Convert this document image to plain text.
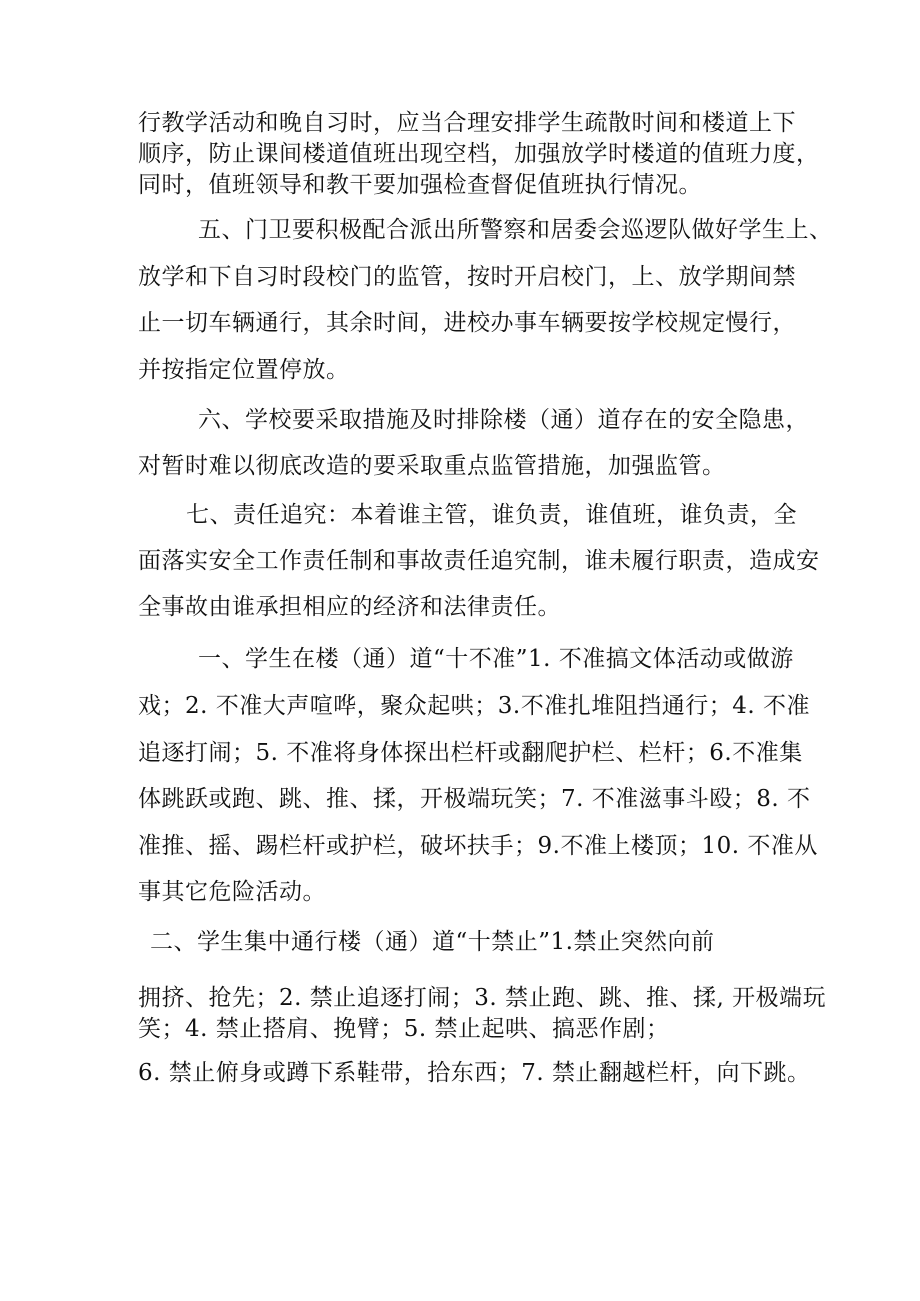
行教学活动和晚自习时，应当合理安排学生疏散时间和楼道上下
顺序，防止课间楼道值班出现空档，加强放学时楼道的值班力度，
同时，值班领导和教干要加强检查督促值班执行情况。
五、门卫要积极配合派出所警察和居委会巡逻队做好学生上、
放学和下自习时段校门的监管，按时开启校门，上、放学期间禁
止一切车辆通行，其余时间，进校办事车辆要按学校规定慢行，
并按指定位置停放。
六、学校要采取措施及时排除楼（通）道存在的安全隐患，
对暂时难以彻底改造的要采取重点监管措施，加强监管。
七、责任追究：本着谁主管，谁负责，谁值班，谁负责，全
面落实安全工作责任制和事故责任追究制，谁未履行职责，造成安
全事故由谁承担相应的经济和法律责任。
一、学生在楼（通）道“十不准”1. 不准搞文体活动或做游
戏；2. 不准大声喧哗，聚众起哄；3.不准扎堆阻挡通行；4. 不准
追逐打闹；5. 不准将身体探出栏杆或翻爬护栏、栏杆；6.不准集
体跳跃或跑、跳、推、揉，开极端玩笑；7. 不准滋事斗殴；8. 不
准推、摇、踢栏杆或护栏，破坏扶手；9.不准上楼顶；10. 不准从
事其它危险活动。
二、学生集中通行楼（通）道“十禁止”1.禁止突然向前
拥挤、抢先；2. 禁止追逐打闹；3. 禁止跑、跳、推、揉, 开极端玩
笑；4. 禁止搭肩、挽臂；5. 禁止起哄、搞恶作剧；
6. 禁止俯身或蹲下系鞋带，拾东西；7. 禁止翻越栏杆，向下跳。
